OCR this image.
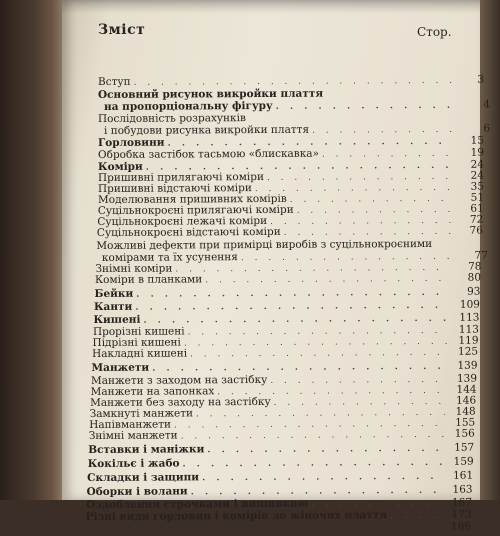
Зміст	Стор.
Вступ . . .	3
Основний рисунок викройки плаття
на пропорціональну фігуру . . .	4
Послідовність розрахунків
і побудови рисунка викройки плаття . . .	6
Горловини . . .	15
Обробка застібок тасьмою «блискавка» . . .	19
Коміри . . .	24
Пришивні прилягаючі коміри . . .	24
Пришивні відстаючі коміри . . .	35
Моделювання пришивних комірів . . .	51
Суцільнокроєні прилягаючі коміри . . .	61
Суцільнокроєні лежачі коміри . . .	72
Суцільнокроєні відстаючі коміри . . .	76
Можливі дефекти при примірці виробів з суцільнокроєними
комірами та їх усунення . . .	77
Знімні коміри . . .	78
Коміри в планками . . .	80
Бейки . . .	93
Канти . . .	109
Кишені . . .	113
Прорізні кишені . . .	113
Підрізні кишені . . .	119
Накладні кишені . . .	125
Манжети . . .	139
Манжети з заходом на застібку . . .	139
Манжети на запонках . . .	144
Манжети без заходу на застібку . . .	146
Замкнуті манжети . . .	148
Напівманжети . . .	155
Знімні манжети . . .	156
Вставки і маніжки . . .	157
Кокільє і жабо . . .	159
Складки і защипи . . .	161
Оборки і волани . . .	163
Оздоблення строчками і вишивкою . . .	167
Різні види горловин і комірів до жіночих плаття . . .	173
. . .
186
